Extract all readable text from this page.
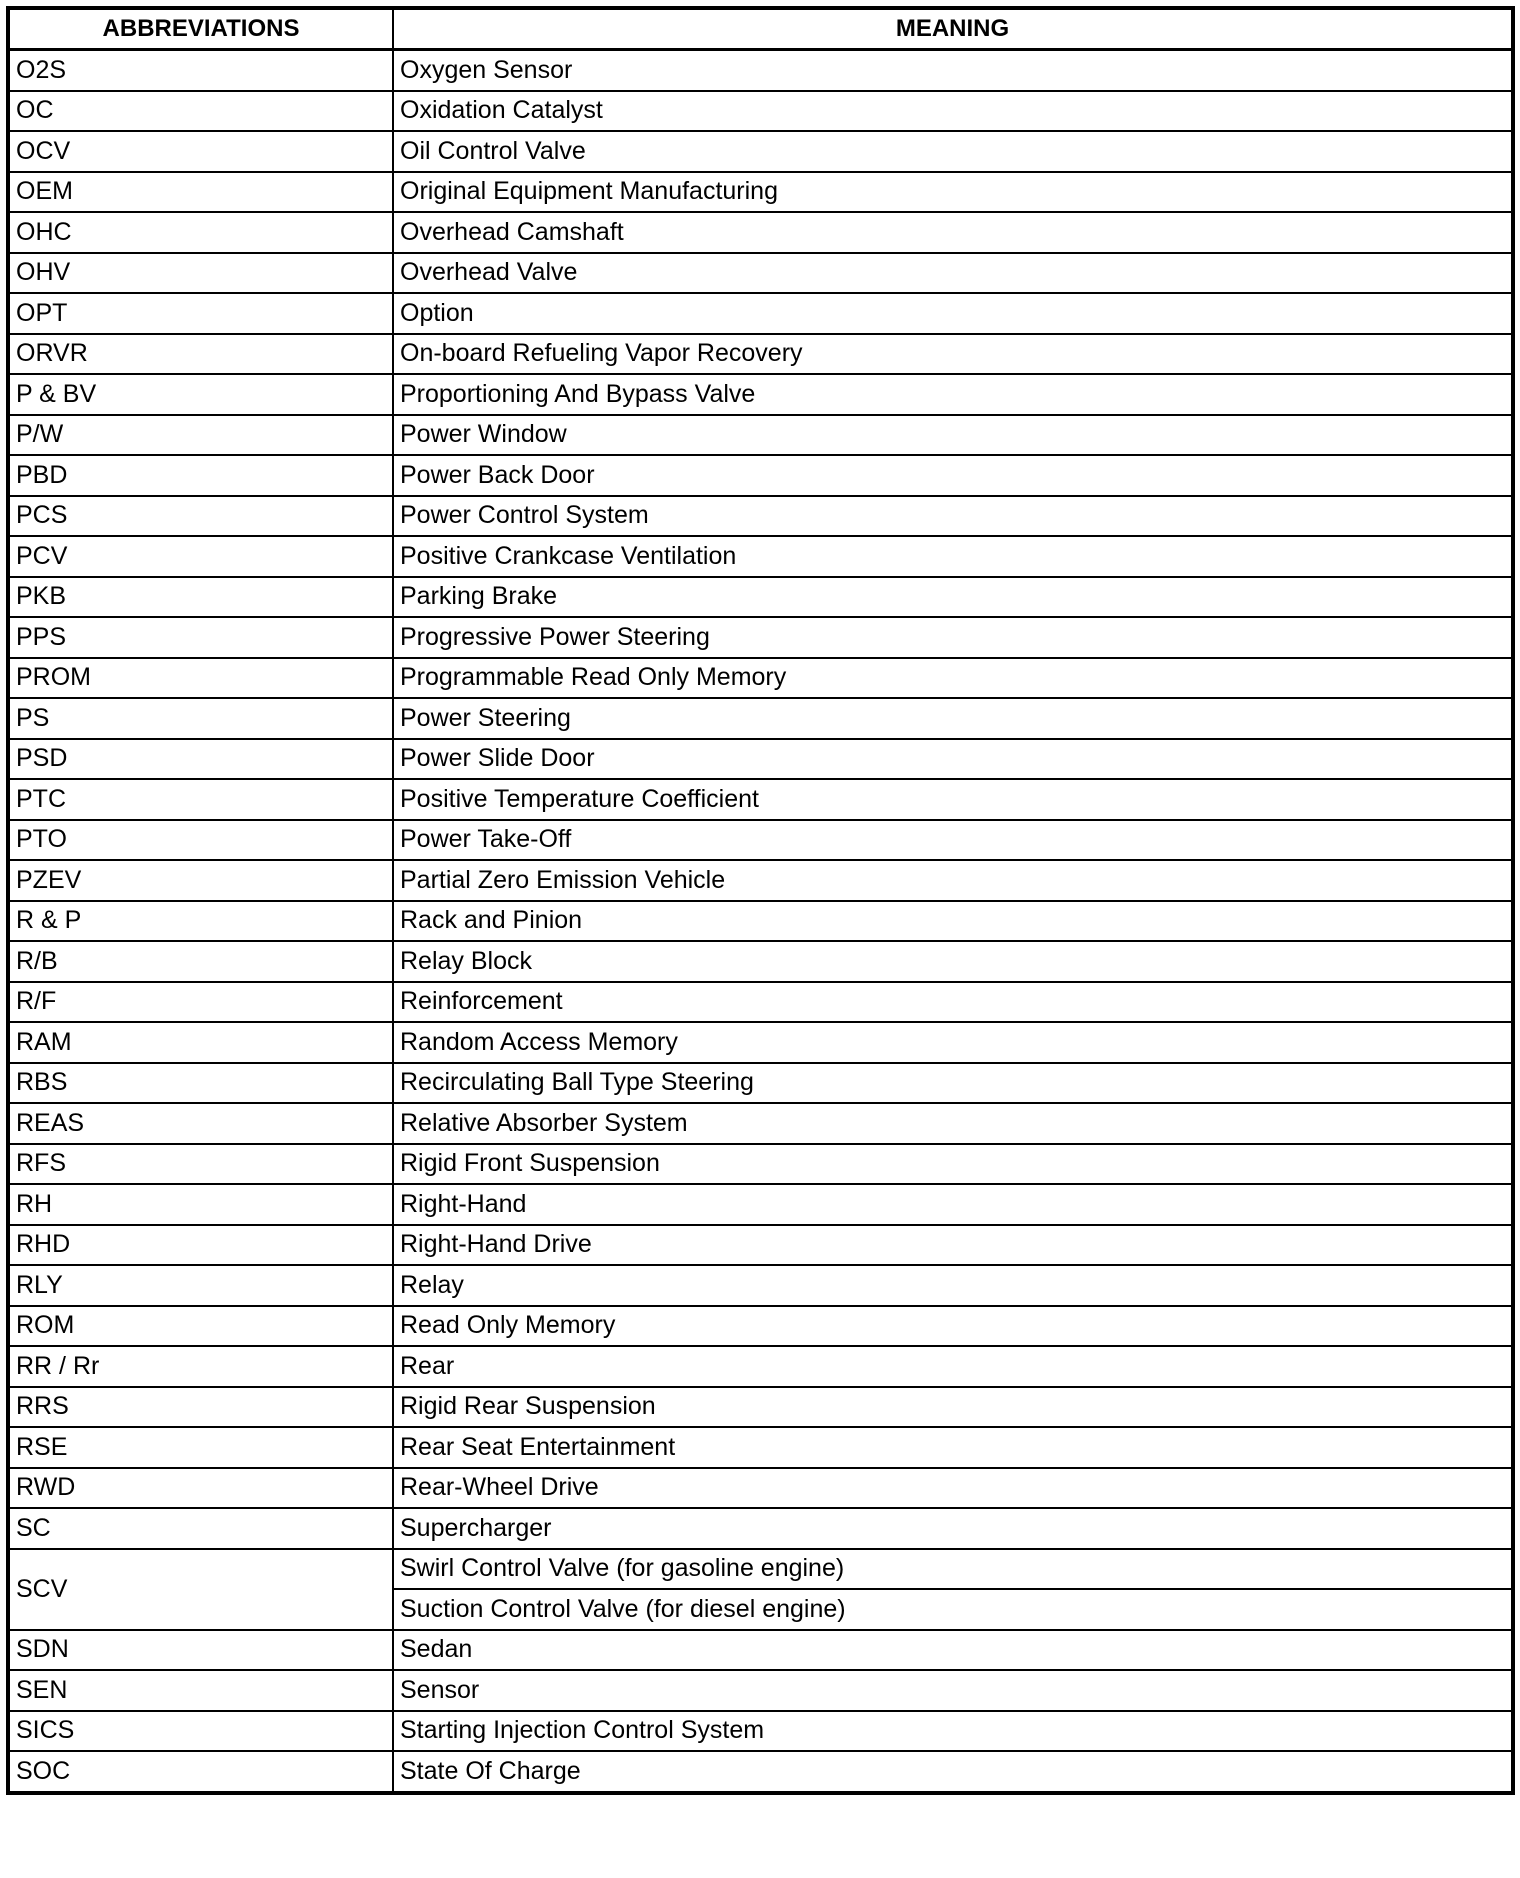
ABBREVIATIONS	MEANING
O2S	Oxygen Sensor
OC	Oxidation Catalyst
OCV	Oil Control Valve
OEM	Original Equipment Manufacturing
OHC	Overhead Camshaft
OHV	Overhead Valve
OPT	Option
ORVR	On-board Refueling Vapor Recovery
P & BV	Proportioning And Bypass Valve
P/W	Power Window
PBD	Power Back Door
PCS	Power Control System
PCV	Positive Crankcase Ventilation
PKB	Parking Brake
PPS	Progressive Power Steering
PROM	Programmable Read Only Memory
PS	Power Steering
PSD	Power Slide Door
PTC	Positive Temperature Coefficient
PTO	Power Take-Off
PZEV	Partial Zero Emission Vehicle
R & P	Rack and Pinion
R/B	Relay Block
R/F	Reinforcement
RAM	Random Access Memory
RBS	Recirculating Ball Type Steering
REAS	Relative Absorber System
RFS	Rigid Front Suspension
RH	Right-Hand
RHD	Right-Hand Drive
RLY	Relay
ROM	Read Only Memory
RR / Rr	Rear
RRS	Rigid Rear Suspension
RSE	Rear Seat Entertainment
RWD	Rear-Wheel Drive
SC	Supercharger
SCV	Swirl Control Valve (for gasoline engine)
	Suction Control Valve (for diesel engine)
SDN	Sedan
SEN	Sensor
SICS	Starting Injection Control System
SOC	State Of Charge
